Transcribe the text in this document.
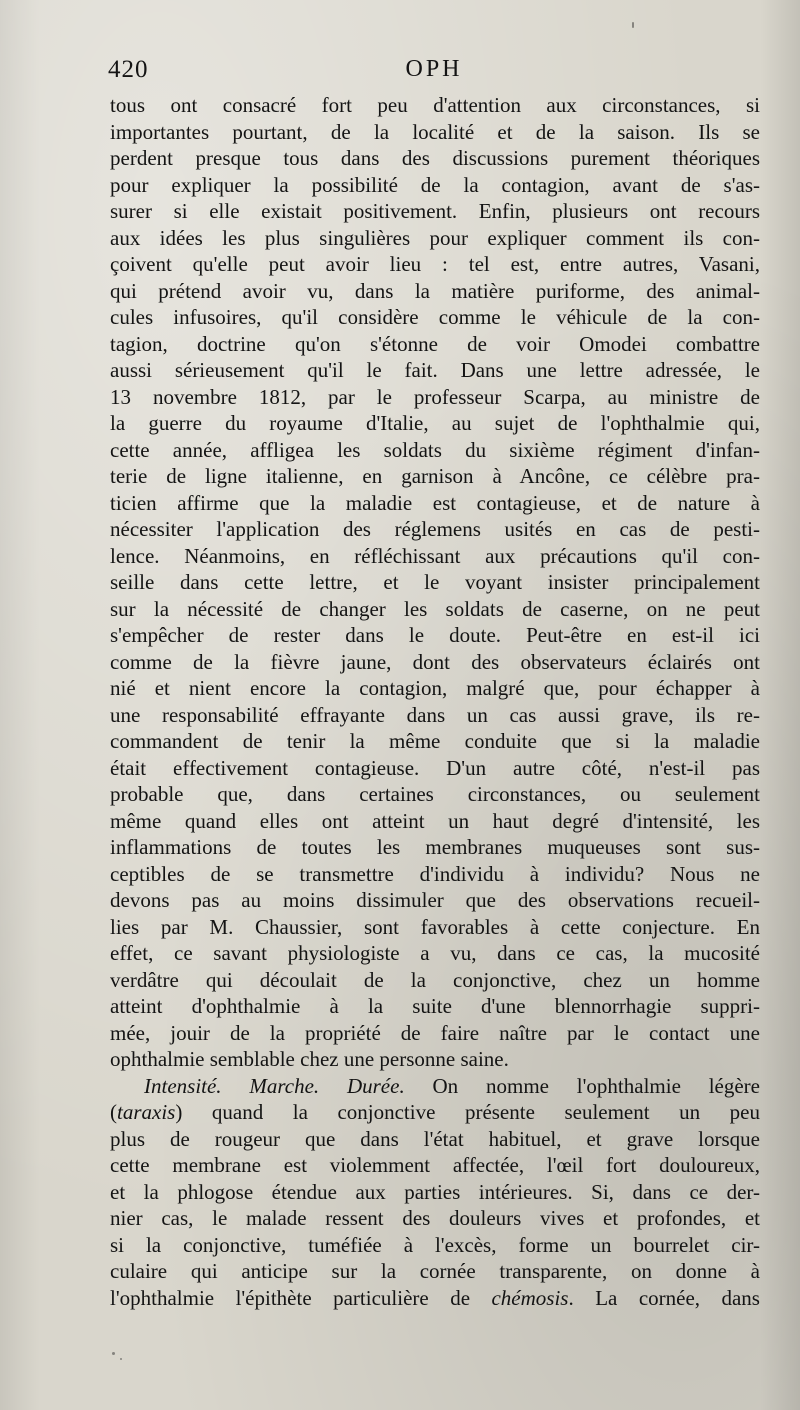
420	OPH
tous ont consacré fort peu d'attention aux circonstances, si
importantes pourtant, de la localité et de la saison. Ils se
perdent presque tous dans des discussions purement théoriques
pour expliquer la possibilité de la contagion, avant de s'as-
surer si elle existait positivement. Enfin, plusieurs ont recours
aux idées les plus singulières pour expliquer comment ils con-
çoivent qu'elle peut avoir lieu : tel est, entre autres, Vasani,
qui prétend avoir vu, dans la matière puriforme, des animal-
cules infusoires, qu'il considère comme le véhicule de la con-
tagion, doctrine qu'on s'étonne de voir Omodei combattre
aussi sérieusement qu'il le fait. Dans une lettre adressée, le
13 novembre 1812, par le professeur Scarpa, au ministre de
la guerre du royaume d'Italie, au sujet de l'ophthalmie qui,
cette année, affligea les soldats du sixième régiment d'infan-
terie de ligne italienne, en garnison à Ancône, ce célèbre pra-
ticien affirme que la maladie est contagieuse, et de nature à
nécessiter l'application des réglemens usités en cas de pesti-
lence. Néanmoins, en réfléchissant aux précautions qu'il con-
seille dans cette lettre, et le voyant insister principalement
sur la nécessité de changer les soldats de caserne, on ne peut
s'empêcher de rester dans le doute. Peut-être en est-il ici
comme de la fièvre jaune, dont des observateurs éclairés ont
nié et nient encore la contagion, malgré que, pour échapper à
une responsabilité effrayante dans un cas aussi grave, ils re-
commandent de tenir la même conduite que si la maladie
était effectivement contagieuse. D'un autre côté, n'est-il pas
probable que, dans certaines circonstances, ou seulement
même quand elles ont atteint un haut degré d'intensité, les
inflammations de toutes les membranes muqueuses sont sus-
ceptibles de se transmettre d'individu à individu? Nous ne
devons pas au moins dissimuler que des observations recueil-
lies par M. Chaussier, sont favorables à cette conjecture. En
effet, ce savant physiologiste a vu, dans ce cas, la mucosité
verdâtre qui découlait de la conjonctive, chez un homme
atteint d'ophthalmie à la suite d'une blennorrhagie suppri-
mée, jouir de la propriété de faire naître par le contact une
ophthalmie semblable chez une personne saine.
Intensité. Marche. Durée. On nomme l'ophthalmie légère
(taraxis) quand la conjonctive présente seulement un peu
plus de rougeur que dans l'état habituel, et grave lorsque
cette membrane est violemment affectée, l'œil fort douloureux,
et la phlogose étendue aux parties intérieures. Si, dans ce der-
nier cas, le malade ressent des douleurs vives et profondes, et
si la conjonctive, tuméfiée à l'excès, forme un bourrelet cir-
culaire qui anticipe sur la cornée transparente, on donne à
l'ophthalmie l'épithète particulière de chémosis. La cornée, dans
